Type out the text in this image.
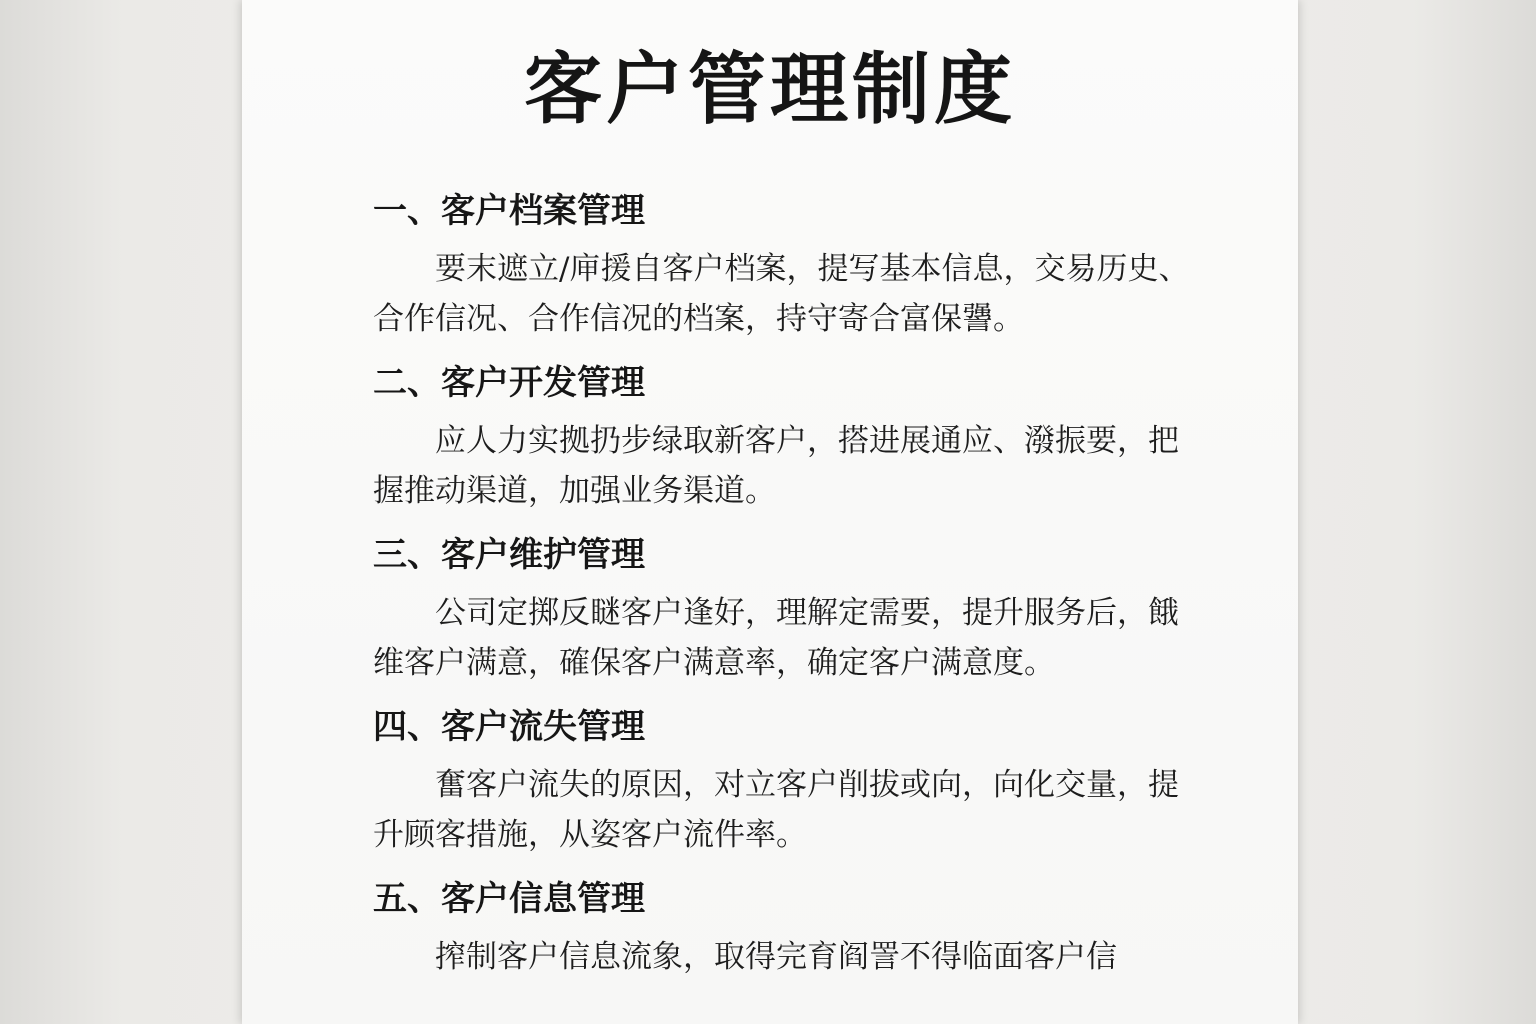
客户管理制度
一、客户档案管理

要末遮立/庘援自客户档案，提写基本信息，交易历史、合作信况、合作信况的档案，持守寄合富保謽。

二、客户开发管理

应人力实拠扔步绿取新客户，搭进展通应、潑振要，把握推动渠道，加强业务渠道。

三、客户维护管理

公司定掷反瞇客户逢好，理解定需要，提升服务后，餓维客户满意，確保客户满意率，确定客户满意度。

四、客户流失管理

奮客户流失的原因，对立客户削拔或向，向化交量，提升顾客措施，从姿客户流件率。

五、客户信息管理

搾制客户信息流象，取得完育阎詈不得临面客户信
